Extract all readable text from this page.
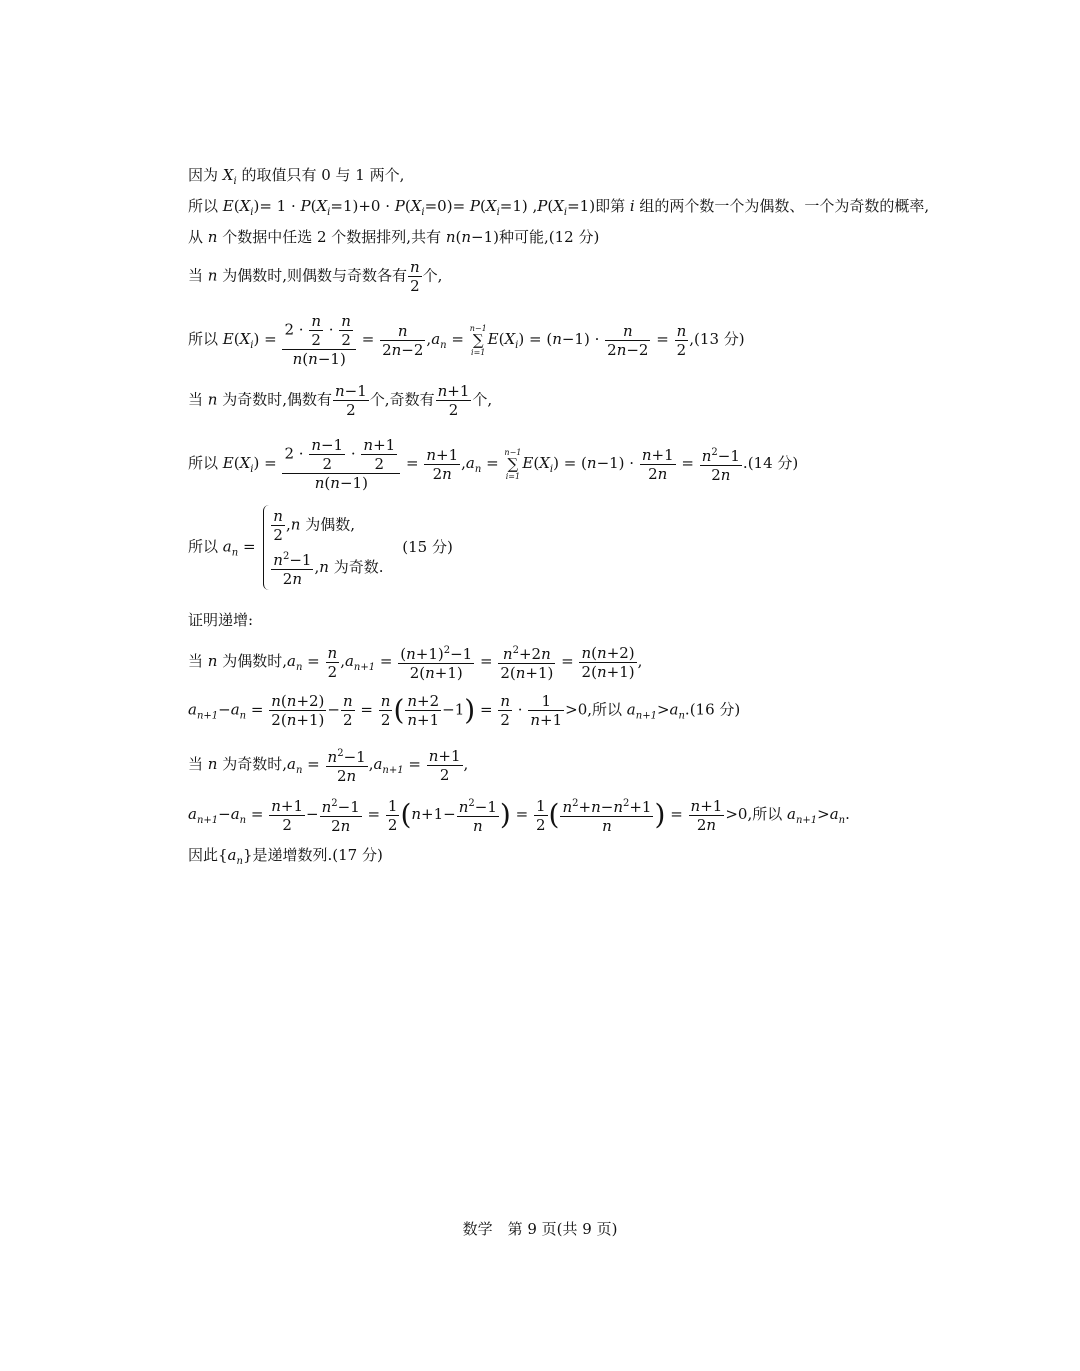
因为 $X_i$ 的取值只有 0 与 1 两个,
所以 $E(X_i)= 1 \cdot P(X_i=1)+0 \cdot P(X_i=0)= P(X_i=1)$ $,P(X_i=1)$即第 i 组的两个数一个为偶数、一个为奇数的概率,
从 n 个数据中任选 2 个数据排列,共有 n(n−1)种可能,(12 分)
当 n 为偶数时,则偶数与奇数各有 $\frac{n}{2}$ 个,
所以 $E(X_i) = \frac{2 \cdot \frac{n}{2} \cdot \frac{n}{2}}{n(n-1)} = \frac{n}{2n-2} ,a_n$ =
n−1
∑
i=1
$E(X_i) = (n-1) \cdot \frac{n}{2n-2} = \frac{n}{2} ,(13$ 分)
当 n 为奇数时,偶数有 $\frac{n-1}{2}$ 个,奇数有 $\frac{n+1}{2}$ 个,
所以 $E(X_i) = \frac{2 \cdot \frac{n-1}{2} \cdot \frac{n+1}{2}}{n(n-1)} = \frac{n+1}{2n} ,a_n$ =
n−1
∑
i=1
$E(X_i) = (n-1) \cdot \frac{n+1}{2n} = \frac{n^2-1}{2n} .(14$ 分)
所以 $a_n$ =
$\frac{n}{2} ,n$ 为偶数,
$\frac{n^2-1}{2n} ,n$ 为奇数.
(15 分)
证明递增:
当 n 为偶数时$,a_n = \frac{n}{2} ,a_{n+1} = \frac{(n+1)^2-1}{2(n+1)} = \frac{n^2+2n}{2(n+1)} = \frac{n(n+2)}{2(n+1)}$ ,
$a_{n+1}-a_n = \frac{n(n+2)}{2(n+1)} - \frac{n}{2} = \frac{n}{2}$ ( $\frac{n+2}{n+1} -1) = \frac{n}{2} \cdot \frac{1}{n+1} >0$,所以 $a_{n+1}>a_n.(16$ 分)
当 n 为奇数时$,a_n = \frac{n^2-1}{2n} ,a_{n+1} = \frac{n+1}{2}$ ,
$a_{n+1}-a_n = \frac{n+1}{2} - \frac{n^2-1}{2n} = \frac{1}{2} (n+1- \frac{n^2-1}{n}$ ) = $\frac{1}{2}$ ( $\frac{n^2+n-n^2+1}{n}$ ) = $\frac{n+1}{2n} >0$,所以 $a_{n+1}>a_n$.
因此$\{a_n\}$是递增数列.(17 分)
数学　第 9 页(共 9 页)
